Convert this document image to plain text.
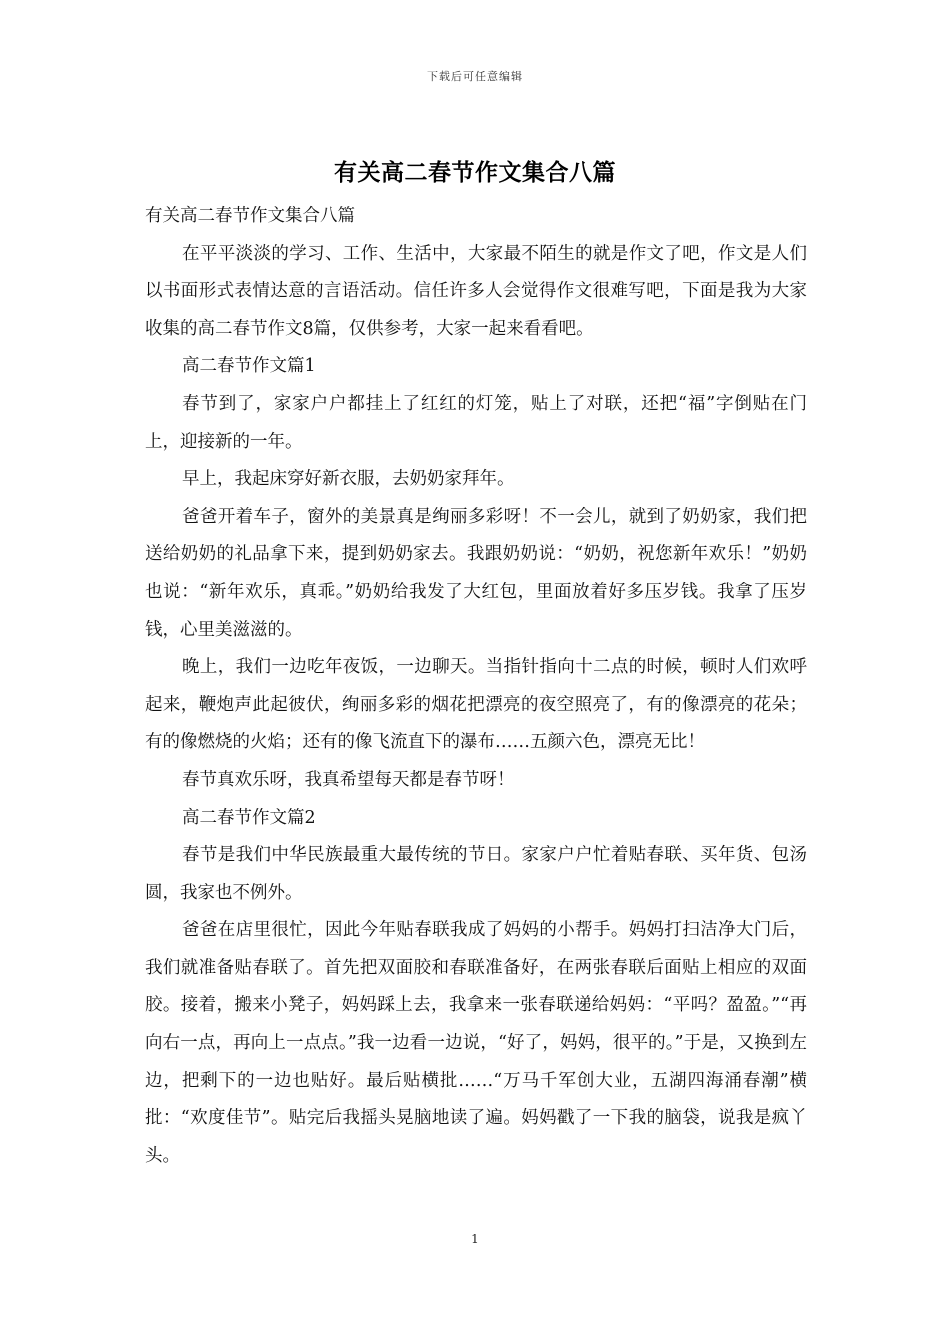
下载后可任意编辑
有关高二春节作文集合八篇

有关高二春节作文集合八篇

在平平淡淡的学习、工作、生活中，大家最不陌生的就是作文了吧，作文是人们以书面形式表情达意的言语活动。信任许多人会觉得作文很难写吧，下面是我为大家收集的高二春节作文8篇，仅供参考，大家一起来看看吧。

高二春节作文篇1

春节到了，家家户户都挂上了红红的灯笼，贴上了对联，还把“福”字倒贴在门上，迎接新的一年。

早上，我起床穿好新衣服，去奶奶家拜年。

爸爸开着车子，窗外的美景真是绚丽多彩呀！不一会儿，就到了奶奶家，我们把送给奶奶的礼品拿下来，提到奶奶家去。我跟奶奶说：“奶奶，祝您新年欢乐！”奶奶也说：“新年欢乐，真乖。”奶奶给我发了大红包，里面放着好多压岁钱。我拿了压岁钱，心里美滋滋的。

晚上，我们一边吃年夜饭，一边聊天。当指针指向十二点的时候，顿时人们欢呼起来，鞭炮声此起彼伏，绚丽多彩的烟花把漂亮的夜空照亮了，有的像漂亮的花朵；有的像燃烧的火焰；还有的像飞流直下的瀑布……五颜六色，漂亮无比！

春节真欢乐呀，我真希望每天都是春节呀！

高二春节作文篇2

春节是我们中华民族最重大最传统的节日。家家户户忙着贴春联、买年货、包汤圆，我家也不例外。

爸爸在店里很忙，因此今年贴春联我成了妈妈的小帮手。妈妈打扫洁净大门后，我们就准备贴春联了。首先把双面胶和春联准备好，在两张春联后面贴上相应的双面胶。接着，搬来小凳子，妈妈踩上去，我拿来一张春联递给妈妈：“平吗？盈盈。”“再向右一点，再向上一点点。”我一边看一边说，“好了，妈妈，很平的。”于是，又换到左边，把剩下的一边也贴好。最后贴横批……“万马千军创大业，五湖四海涌春潮”横批：“欢度佳节”。贴完后我摇头晃脑地读了遍。妈妈戳了一下我的脑袋，说我是疯丫头。

1
